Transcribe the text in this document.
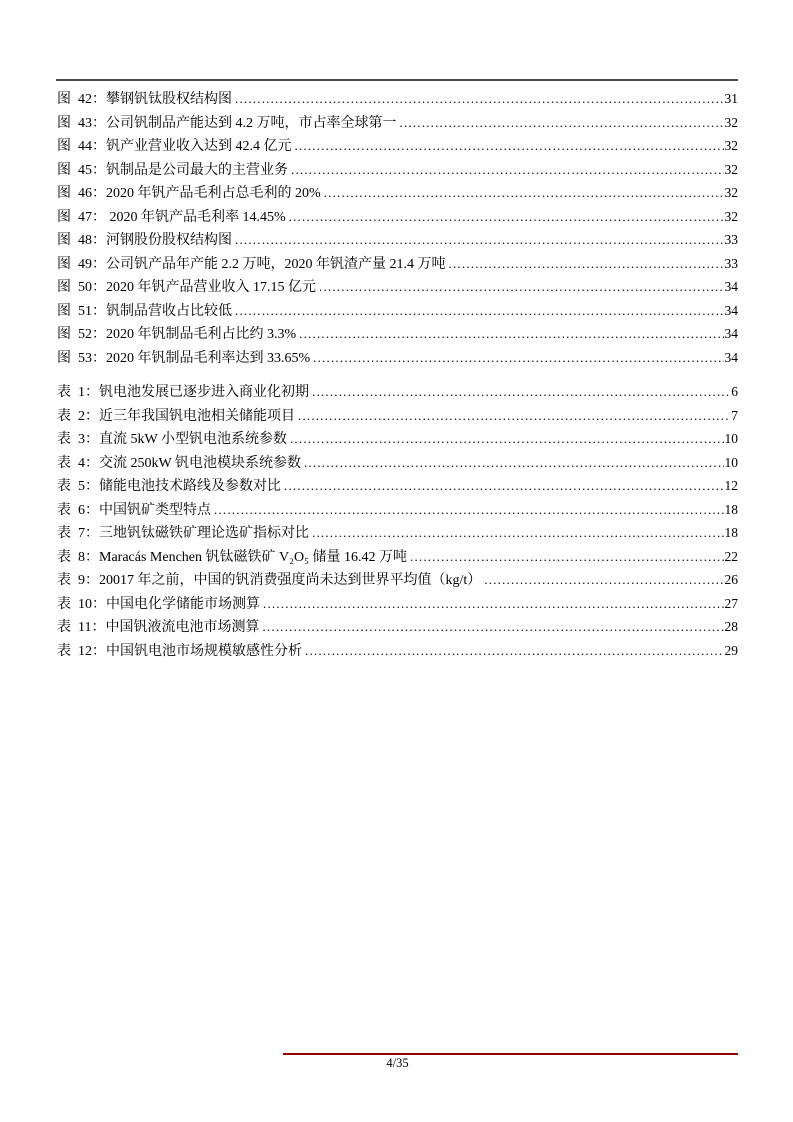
图  42：攀钢钒钛股权结构图 .....	31
图  43：公司钒制品产能达到 4.2 万吨，市占率全球第一 .....	32
图  44：钒产业营业收入达到 42.4 亿元 .....	32
图  45：钒制品是公司最大的主营业务 .....	32
图  46：2020 年钒产品毛利占总毛利的 20% .....	32
图  47： 2020 年钒产品毛利率 14.45% .....	32
图  48：河钢股份股权结构图 .....	33
图  49：公司钒产品年产能 2.2 万吨，2020 年钒渣产量 21.4 万吨 .....	33
图  50：2020 年钒产品营业收入 17.15 亿元 .....	34
图  51：钒制品营收占比较低 .....	34
图  52：2020 年钒制品毛利占比约 3.3% .....	34
图  53：2020 年钒制品毛利率达到 33.65% .....	34
表  1：钒电池发展已逐步进入商业化初期 .....	6
表  2：近三年我国钒电池相关储能项目 .....	7
表  3：直流 5kW 小型钒电池系统参数 .....	10
表  4：交流 250kW 钒电池模块系统参数 .....	10
表  5：储能电池技术路线及参数对比 .....	12
表  6：中国钒矿类型特点 .....	18
表  7：三地钒钛磁铁矿理论选矿指标对比 .....	18
表  8：Maracás Menchen 钒钛磁铁矿 V₂O₅ 储量 16.42 万吨 .....	22
表  9：20017 年之前，中国的钒消费强度尚未达到世界平均值（kg/t） .....	26
表  10：中国电化学储能市场测算 .....	27
表  11：中国钒液流电池市场测算 .....	28
表  12：中国钒电池市场规模敏感性分析 .....	29
4/35
